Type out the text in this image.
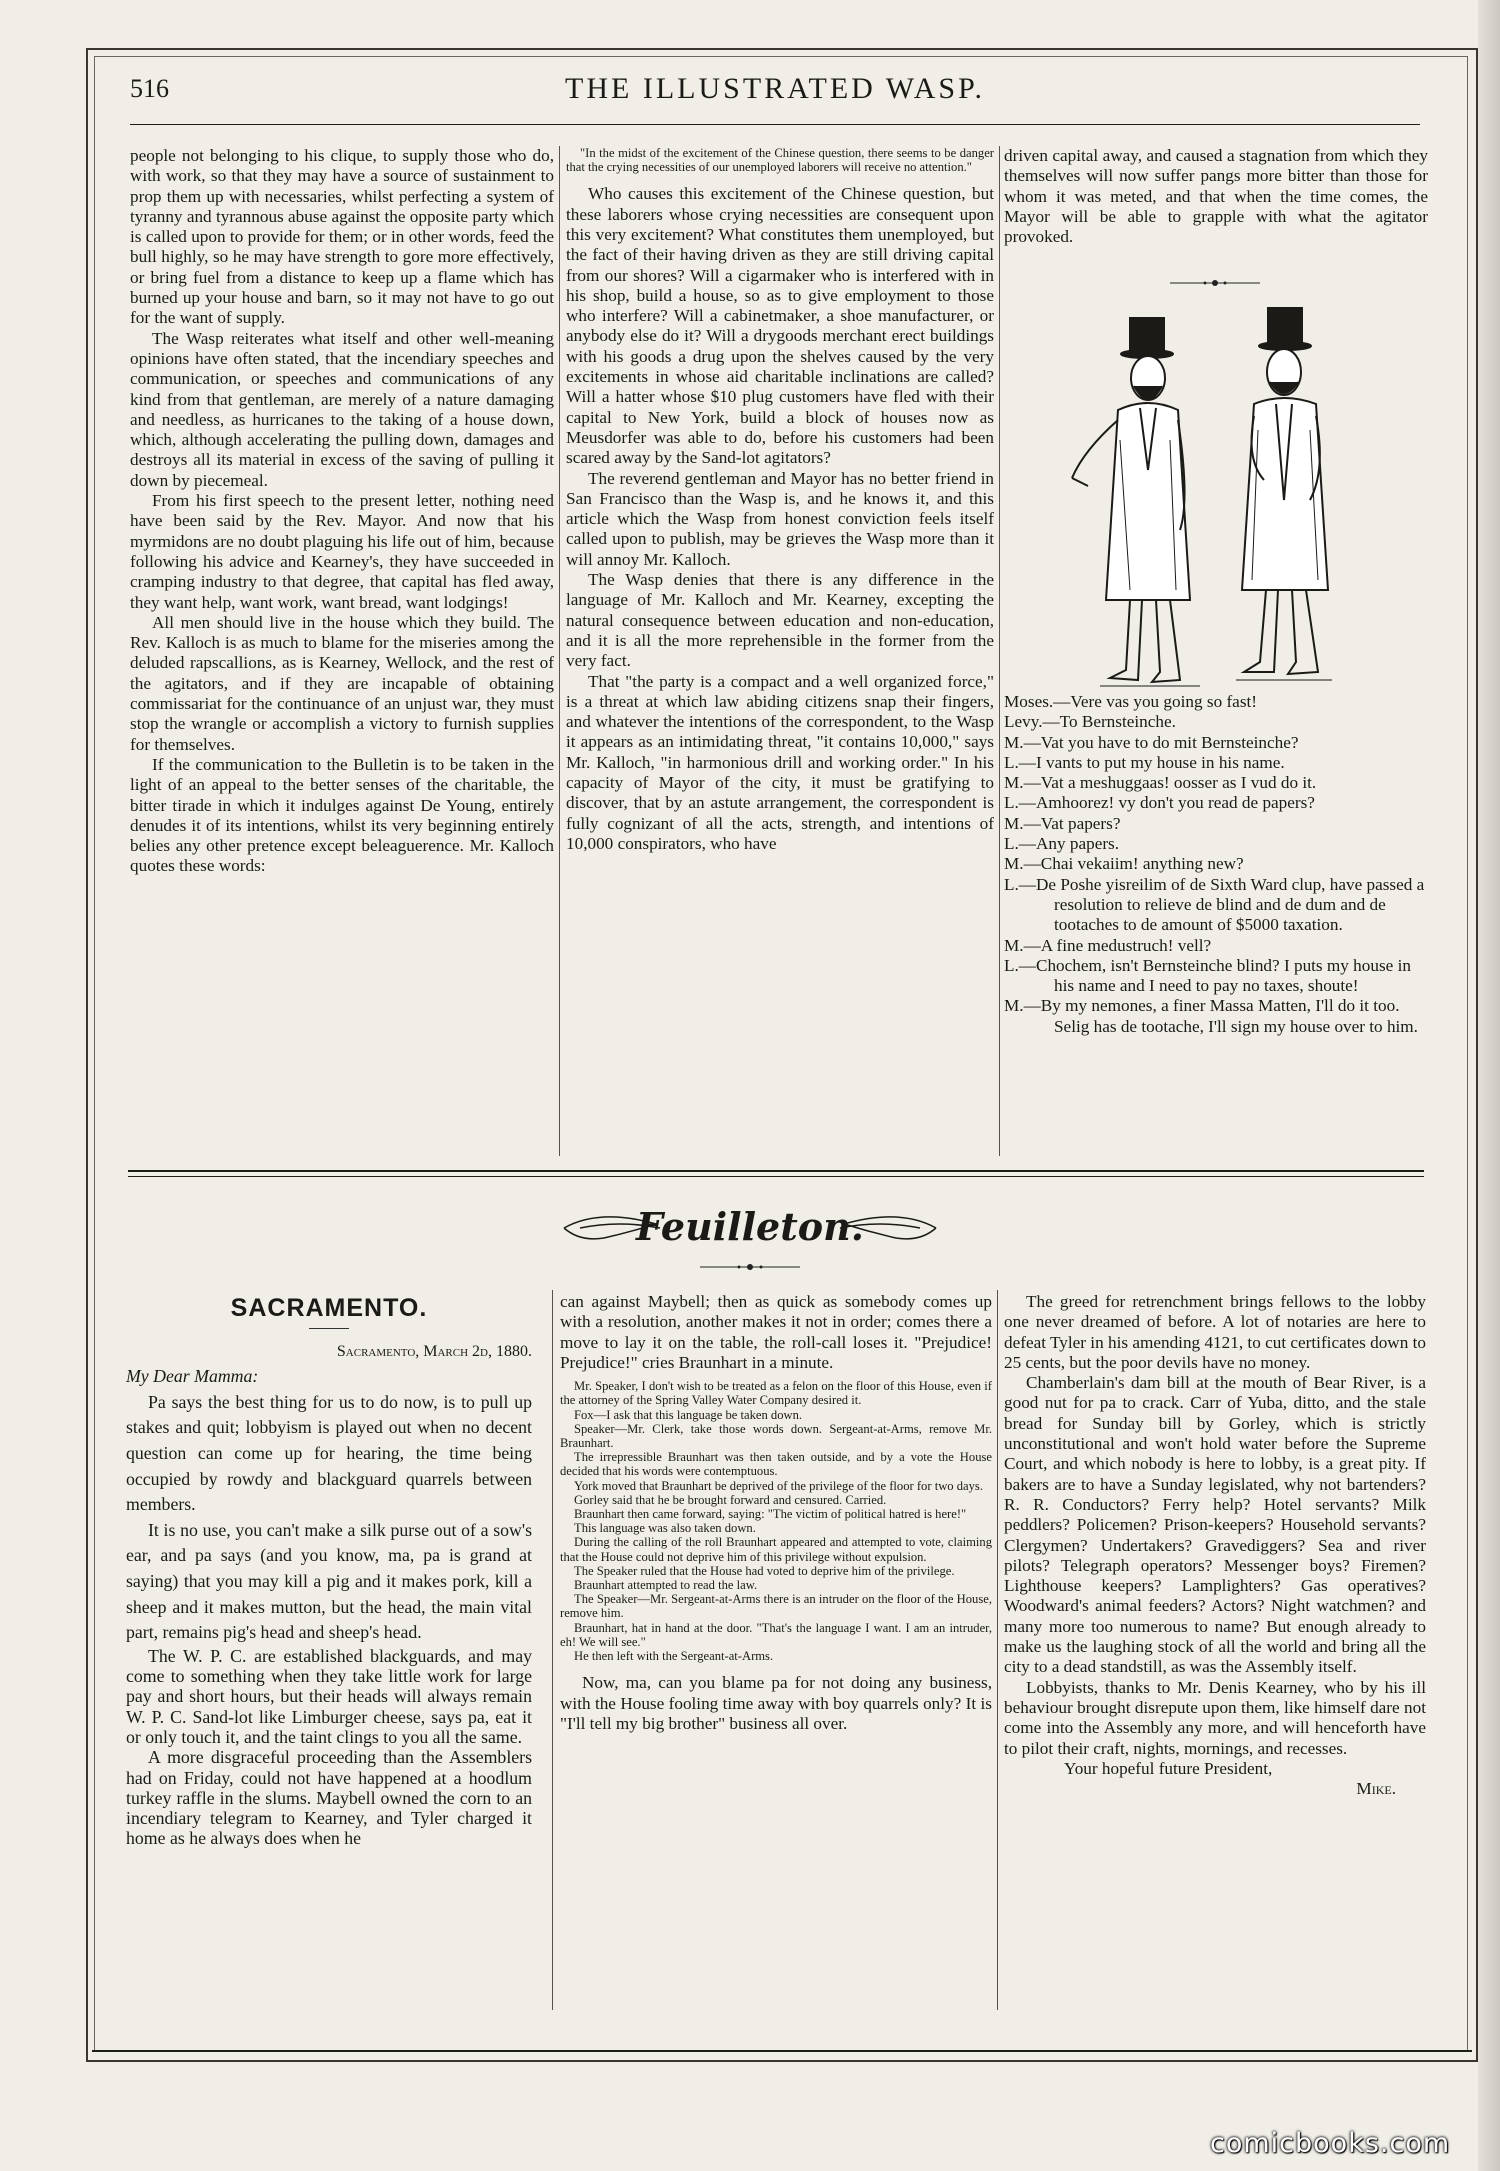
516	THE ILLUSTRATED WASP.

people not belonging to his clique, to supply those who do, with work, so that they may have a source of sustainment to prop them up with necessaries, whilst perfecting a system of tyranny and tyrannous abuse against the opposite party which is called upon to provide for them; or in other words, feed the bull highly, so he may have strength to gore more effectively, or bring fuel from a distance to keep up a flame which has burned up your house and barn, so it may not have to go out for the want of supply.

The Wasp reiterates what itself and other well-meaning opinions have often stated, that the incendiary speeches and communication, or speeches and communications of any kind from that gentleman, are merely of a nature damaging and needless, as hurricanes to the taking of a house down, which, although accelerating the pulling down, damages and destroys all its material in excess of the saving of pulling it down by piecemeal.

From his first speech to the present letter, nothing need have been said by the Rev. Mayor. And now that his myrmidons are no doubt plaguing his life out of him, because following his advice and Kearney's, they have succeeded in cramping industry to that degree, that capital has fled away, they want help, want work, want bread, want lodgings!

All men should live in the house which they build. The Rev. Kalloch is as much to blame for the miseries among the deluded rapscallions, as is Kearney, Wellock, and the rest of the agitators, and if they are incapable of obtaining commissariat for the continuance of an unjust war, they must stop the wrangle or accomplish a victory to furnish supplies for themselves.

If the communication to the Bulletin is to be taken in the light of an appeal to the better senses of the charitable, the bitter tirade in which it indulges against De Young, entirely denudes it of its intentions, whilst its very beginning entirely belies any other pretence except beleaguerence. Mr. Kalloch quotes these words:

"In the midst of the excitement of the Chinese question, there seems to be danger that the crying necessities of our unemployed laborers will receive no attention."

Who causes this excitement of the Chinese question, but these laborers whose crying necessities are consequent upon this very excitement? What constitutes them unemployed, but the fact of their having driven as they are still driving capital from our shores? Will a cigarmaker who is interfered with in his shop, build a house, so as to give employment to those who interfere? Will a cabinetmaker, a shoe manufacturer, or anybody else do it? Will a drygoods merchant erect buildings with his goods a drug upon the shelves caused by the very excitements in whose aid charitable inclinations are called? Will a hatter whose $10 plug customers have fled with their capital to New York, build a block of houses now as Meusdorfer was able to do, before his customers had been scared away by the Sand-lot agitators?

The reverend gentleman and Mayor has no better friend in San Francisco than the Wasp is, and he knows it, and this article which the Wasp from honest conviction feels itself called upon to publish, may be grieves the Wasp more than it will annoy Mr. Kalloch.

The Wasp denies that there is any difference in the language of Mr. Kalloch and Mr. Kearney, excepting the natural consequence between education and non-education, and it is all the more reprehensible in the former from the very fact.

That "the party is a compact and a well organized force," is a threat at which law abiding citizens snap their fingers, and whatever the intentions of the correspondent, to the Wasp it appears as an intimidating threat, "it contains 10,000," says Mr. Kalloch, "in harmonious drill and working order." In his capacity of Mayor of the city, it must be gratifying to discover, that by an astute arrangement, the correspondent is fully cognizant of all the acts, strength, and intentions of 10,000 conspirators, who have

driven capital away, and caused a stagnation from which they themselves will now suffer pangs more bitter than those for whom it was meted, and that when the time comes, the Mayor will be able to grapple with what the agitator provoked.

Moses.—Vere vas you going so fast!

Levy.—To Bernsteinche.

M.—Vat you have to do mit Bernsteinche?

L.—I vants to put my house in his name.

M.—Vat a meshuggaas! oosser as I vud do it.

L.—Amhoorez! vy don't you read de papers?

M.—Vat papers?

L.—Any papers.

M.—Chai vekaiim! anything new?

L.—De Poshe yisreilim of de Sixth Ward clup, have passed a resolution to relieve de blind and de dum and de tootaches to de amount of $5000 taxation.

M.—A fine medustruch! vell?

L.—Chochem, isn't Bernsteinche blind? I puts my house in his name and I need to pay no taxes, shoute!

M.—By my nemones, a finer Massa Matten, I'll do it too. Selig has de tootache, I'll sign my house over to him.

Feuilleton.
SACRAMENTO.

Sacramento, March 2d, 1880.

My Dear Mamma:

Pa says the best thing for us to do now, is to pull up stakes and quit; lobbyism is played out when no decent question can come up for hearing, the time being occupied by rowdy and blackguard quarrels between members.

It is no use, you can't make a silk purse out of a sow's ear, and pa says (and you know, ma, pa is grand at saying) that you may kill a pig and it makes pork, kill a sheep and it makes mutton, but the head, the main vital part, remains pig's head and sheep's head.

The W. P. C. are established blackguards, and may come to something when they take little work for large pay and short hours, but their heads will always remain W. P. C. Sand-lot like Limburger cheese, says pa, eat it or only touch it, and the taint clings to you all the same.

A more disgraceful proceeding than the Assemblers had on Friday, could not have happened at a hoodlum turkey raffle in the slums. Maybell owned the corn to an incendiary telegram to Kearney, and Tyler charged it home as he always does when he

can against Maybell; then as quick as somebody comes up with a resolution, another makes it not in order; comes there a move to lay it on the table, the roll-call loses it. "Prejudice! Prejudice!" cries Braunhart in a minute.

Mr. Speaker, I don't wish to be treated as a felon on the floor of this House, even if the attorney of the Spring Valley Water Company desired it.

Fox—I ask that this language be taken down.

Speaker—Mr. Clerk, take those words down. Sergeant-at-Arms, remove Mr. Braunhart.

The irrepressible Braunhart was then taken outside, and by a vote the House decided that his words were contemptuous.

York moved that Braunhart be deprived of the privilege of the floor for two days.

Gorley said that he be brought forward and censured. Carried.

Braunhart then came forward, saying: "The victim of political hatred is here!"

This language was also taken down.

During the calling of the roll Braunhart appeared and attempted to vote, claiming that the House could not deprive him of this privilege without expulsion.

The Speaker ruled that the House had voted to deprive him of the privilege.

Braunhart attempted to read the law.

The Speaker—Mr. Sergeant-at-Arms there is an intruder on the floor of the House, remove him.

Braunhart, hat in hand at the door. "That's the language I want. I am an intruder, eh! We will see."

He then left with the Sergeant-at-Arms.

Now, ma, can you blame pa for not doing any business, with the House fooling time away with boy quarrels only? It is "I'll tell my big brother" business all over.

The greed for retrenchment brings fellows to the lobby one never dreamed of before. A lot of notaries are here to defeat Tyler in his amending 4121, to cut certificates down to 25 cents, but the poor devils have no money.

Chamberlain's dam bill at the mouth of Bear River, is a good nut for pa to crack. Carr of Yuba, ditto, and the stale bread for Sunday bill by Gorley, which is strictly unconstitutional and won't hold water before the Supreme Court, and which nobody is here to lobby, is a great pity. If bakers are to have a Sunday legislated, why not bartenders? R. R. Conductors? Ferry help? Hotel servants? Milk peddlers? Policemen? Prison-keepers? Household servants? Clergymen? Undertakers? Gravediggers? Sea and river pilots? Telegraph operators? Messenger boys? Firemen? Lighthouse keepers? Lamplighters? Gas operatives? Woodward's animal feeders? Actors? Night watchmen? and many more too numerous to name? But enough already to make us the laughing stock of all the world and bring all the city to a dead standstill, as was the Assembly itself.

Lobbyists, thanks to Mr. Denis Kearney, who by his ill behaviour brought disrepute upon them, like himself dare not come into the Assembly any more, and will henceforth have to pilot their craft, nights, mornings, and recesses.

Your hopeful future President,

Mike.

comicbooks.com
